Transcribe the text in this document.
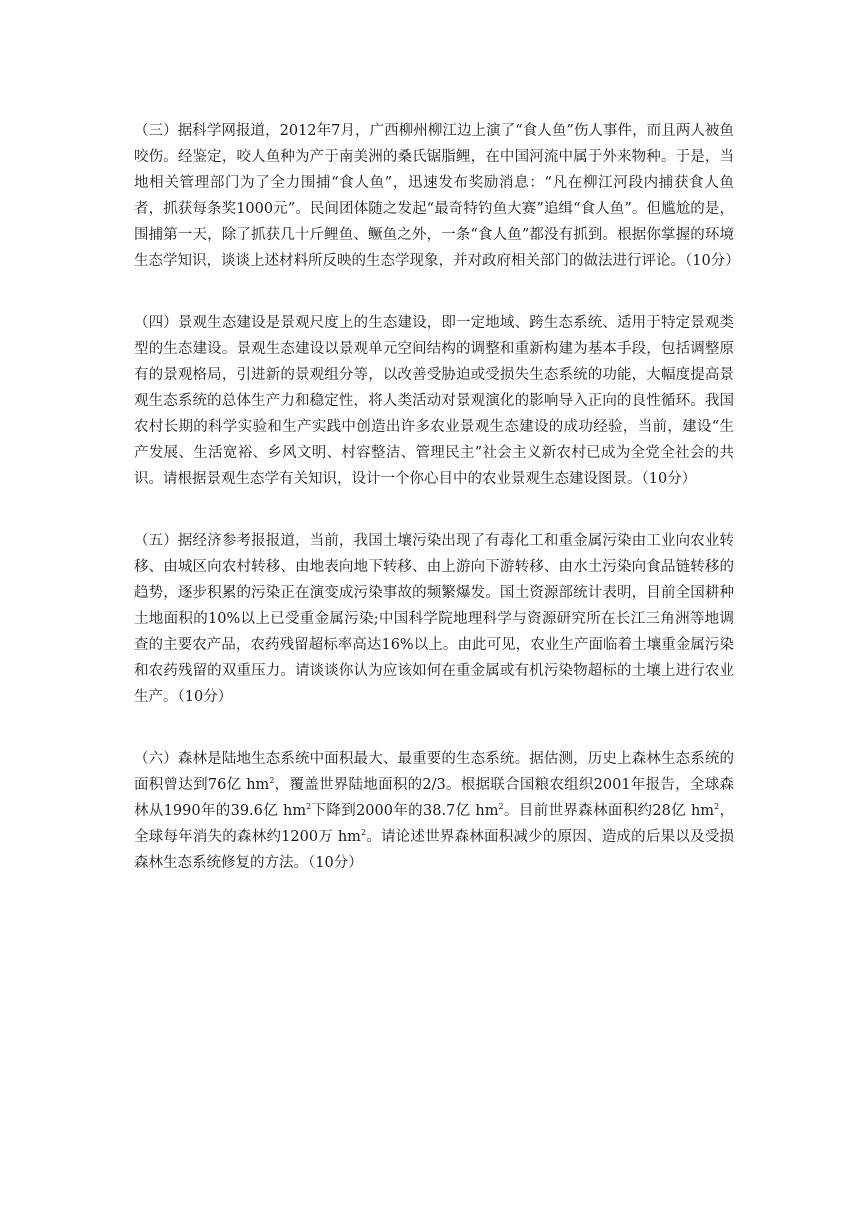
（三）据科学网报道，2012年7月，广西柳州柳江边上演了“食人鱼”伤人事件，而且两人被鱼咬伤。经鉴定，咬人鱼种为产于南美洲的桑氏锯脂鲤，在中国河流中属于外来物种。于是，当地相关管理部门为了全力围捕“食人鱼”，迅速发布奖励消息：“凡在柳江河段内捕获食人鱼者，抓获每条奖1000元”。民间团体随之发起“最奇特钓鱼大赛”追缉“食人鱼”。但尴尬的是，围捕第一天，除了抓获几十斤鲤鱼、鳜鱼之外，一条“食人鱼”都没有抓到。根据你掌握的环境生态学知识，谈谈上述材料所反映的生态学现象，并对政府相关部门的做法进行评论。（10分）

（四）景观生态建设是景观尺度上的生态建设，即一定地域、跨生态系统、适用于特定景观类型的生态建设。景观生态建设以景观单元空间结构的调整和重新构建为基本手段，包括调整原有的景观格局，引进新的景观组分等，以改善受胁迫或受损失生态系统的功能，大幅度提高景观生态系统的总体生产力和稳定性，将人类活动对景观演化的影响导入正向的良性循环。我国农村长期的科学实验和生产实践中创造出许多农业景观生态建设的成功经验，当前，建设“生产发展、生活宽裕、乡风文明、村容整洁、管理民主”社会主义新农村已成为全党全社会的共识。请根据景观生态学有关知识，设计一个你心目中的农业景观生态建设图景。（10分）

（五）据经济参考报报道，当前，我国土壤污染出现了有毒化工和重金属污染由工业向农业转移、由城区向农村转移、由地表向地下转移、由上游向下游转移、由水土污染向食品链转移的趋势，逐步积累的污染正在演变成污染事故的频繁爆发。国土资源部统计表明，目前全国耕种土地面积的10%以上已受重金属污染;中国科学院地理科学与资源研究所在长江三角洲等地调查的主要农产品，农药残留超标率高达16%以上。由此可见，农业生产面临着土壤重金属污染和农药残留的双重压力。请谈谈你认为应该如何在重金属或有机污染物超标的土壤上进行农业生产。（10分）

（六）森林是陆地生态系统中面积最大、最重要的生态系统。据估测，历史上森林生态系统的面积曾达到76亿 $hm^2$，覆盖世界陆地面积的2/3。根据联合国粮农组织2001年报告，全球森林从1990年的39.6亿 $hm^2$下降到2000年的38.7亿 $hm^2$。目前世界森林面积约28亿 $hm^2$，全球每年消失的森林约1200万 $hm^2$。请论述世界森林面积减少的原因、造成的后果以及受损森林生态系统修复的方法。（10分）
